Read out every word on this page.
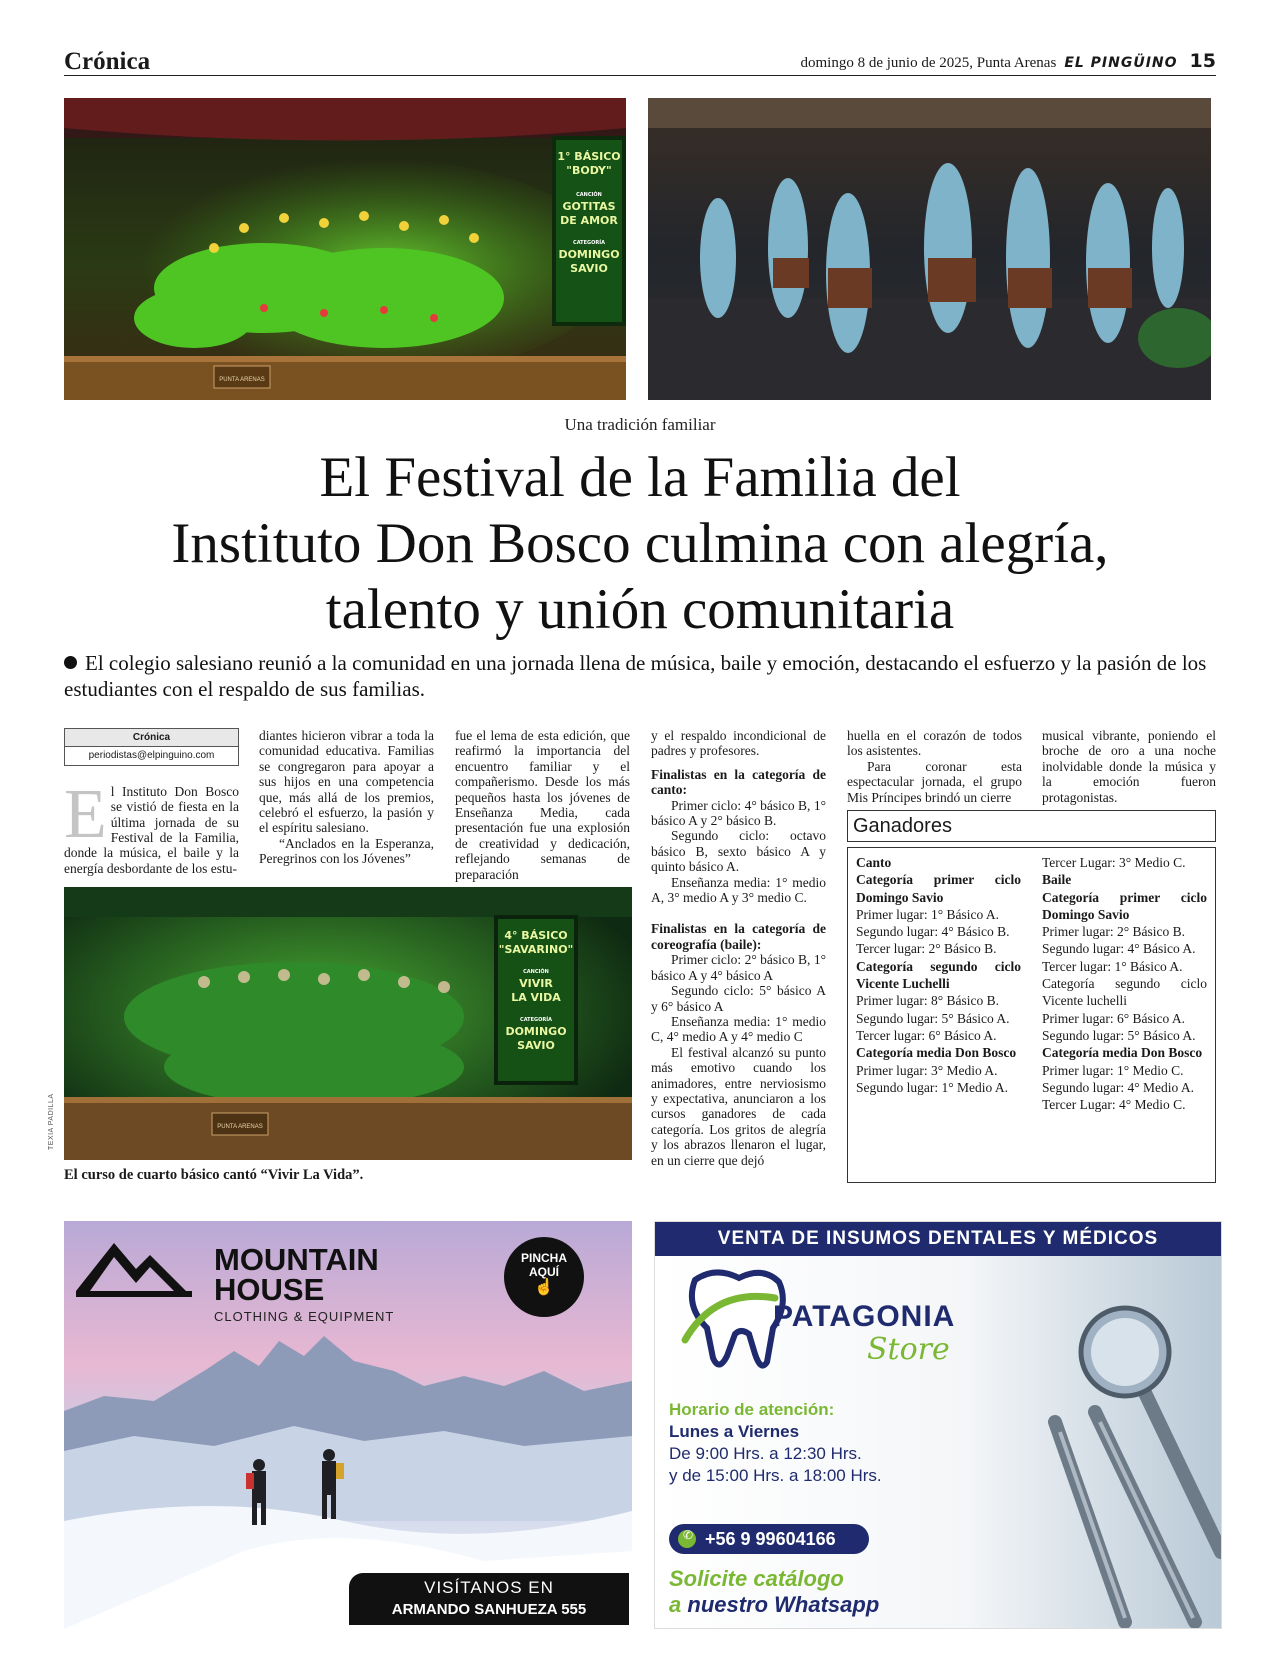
Crónica	domingo 8 de junio de 2025, Punta Arenas EL PINGÜINO 15
PUNTA ARENAS
1° BÁSICO
"BODY"
CANCIÓN
GOTITAS
DE AMOR
CATEGORÍA
DOMINGO
SAVIO
Una tradición familiar
El Festival de la Familia del
Instituto Don Bosco culmina con alegría,
talento y unión comunitaria
El colegio salesiano reunió a la comunidad en una jornada llena de música, baile y emoción, destacando el esfuerzo y la pasión de los estudiantes con el respaldo de sus familias.
Crónica
periodistas@elpinguino.com

El Instituto Don Bosco se vistió de fiesta en la última jornada de su Festival de la Familia, donde la música, el baile y la energía desbordante de los estu-

diantes hicieron vibrar a toda la comunidad educativa. Familias se congregaron para apoyar a sus hijos en una competencia que, más allá de los premios, celebró el esfuerzo, la pasión y el espíritu salesiano.

“Anclados en la Esperanza, Peregrinos con los Jóvenes”

fue el lema de esta edición, que reafirmó la importancia del encuentro familiar y el compañerismo. Desde los más pequeños hasta los jóvenes de Enseñanza Media, cada presentación fue una explosión de creatividad y dedicación, reflejando semanas de preparación

PUNTA ARENAS
4° BÁSICO
"SAVARINO"
CANCIÓN
VIVIR
LA VIDA
CATEGORÍA
DOMINGO
SAVIO
TEXIA PADILLA
El curso de cuarto básico cantó “Vivir La Vida”.

y el respaldo incondicional de padres y profesores.

Finalistas en la categoría de canto:

Primer ciclo: 4° básico B, 1° básico A y 2° básico B.

Segundo ciclo: octavo básico B, sexto básico A y quinto básico A.

Enseñanza media: 1° medio A, 3° medio A y 3° medio C.

Finalistas en la categoría de coreografía (baile):

Primer ciclo: 2° básico B, 1° básico A y 4° básico A

Segundo ciclo: 5° básico A y 6° básico A

Enseñanza media: 1° medio C, 4° medio A y 4° medio C

El festival alcanzó su punto más emotivo cuando los animadores, entre nerviosismo y expectativa, anunciaron a los cursos ganadores de cada categoría. Los gritos de alegría y los abrazos llenaron el lugar, en un cierre que dejó

huella en el corazón de todos los asistentes.

Para coronar esta espectacular jornada, el grupo Mis Príncipes brindó un cierre

musical vibrante, poniendo el broche de oro a una noche inolvidable donde la música y la emoción fueron protagonistas.

Ganadores
Canto
Categoría primer ciclo Domingo Savio
Primer lugar: 1° Básico A.
Segundo lugar: 4° Básico B.
Tercer lugar: 2° Básico B.
Categoría segundo ciclo Vicente Luchelli
Primer lugar: 8° Básico B.
Segundo lugar: 5° Básico A.
Tercer lugar: 6° Básico A.
Categoría media Don Bosco
Primer lugar: 3° Medio A.
Segundo lugar: 1° Medio A.
Tercer Lugar: 3° Medio C.
Baile
Categoría primer ciclo Domingo Savio
Primer lugar: 2° Básico B.
Segundo lugar: 4° Básico A.
Tercer lugar: 1° Básico A.
Categoría segundo ciclo Vicente luchelli
Primer lugar: 6° Básico A.
Segundo lugar: 5° Básico A.
Categoría media Don Bosco
Primer lugar: 1° Medio C.
Segundo lugar: 4° Medio A.
Tercer Lugar: 4° Medio C.
MOUNTAIN
HOUSE
CLOTHING & EQUIPMENT
PINCHA
AQUÍ
☝
VISÍTANOS EN
ARMANDO SANHUEZA 555
VENTA DE INSUMOS DENTALES Y MÉDICOS
PATAGONIA
Store
Horario de atención:
Lunes a Viernes
De 9:00 Hrs. a 12:30 Hrs.
y de 15:00 Hrs. a 18:00 Hrs.
✆ +56 9 99604166
Solicite catálogo
a nuestro Whatsapp
